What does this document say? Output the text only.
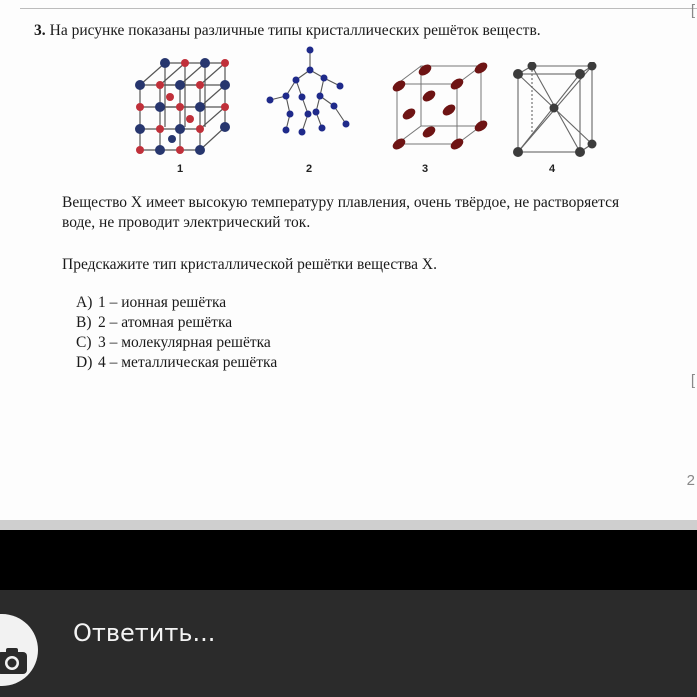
[
3. На рисунке показаны различные типы кристаллических решёток веществ.
1	2	3	4
Вещество X имеет высокую температуру плавления, очень твёрдое, не растворяется
воде, не проводит электрический ток.
Предскажите тип кристаллической решётки вещества X.
A) 1 – ионная решётка
B) 2 – атомная решётка
C) 3 – молекулярная решётка
D) 4 – металлическая решётка
[
2
Ответить...
